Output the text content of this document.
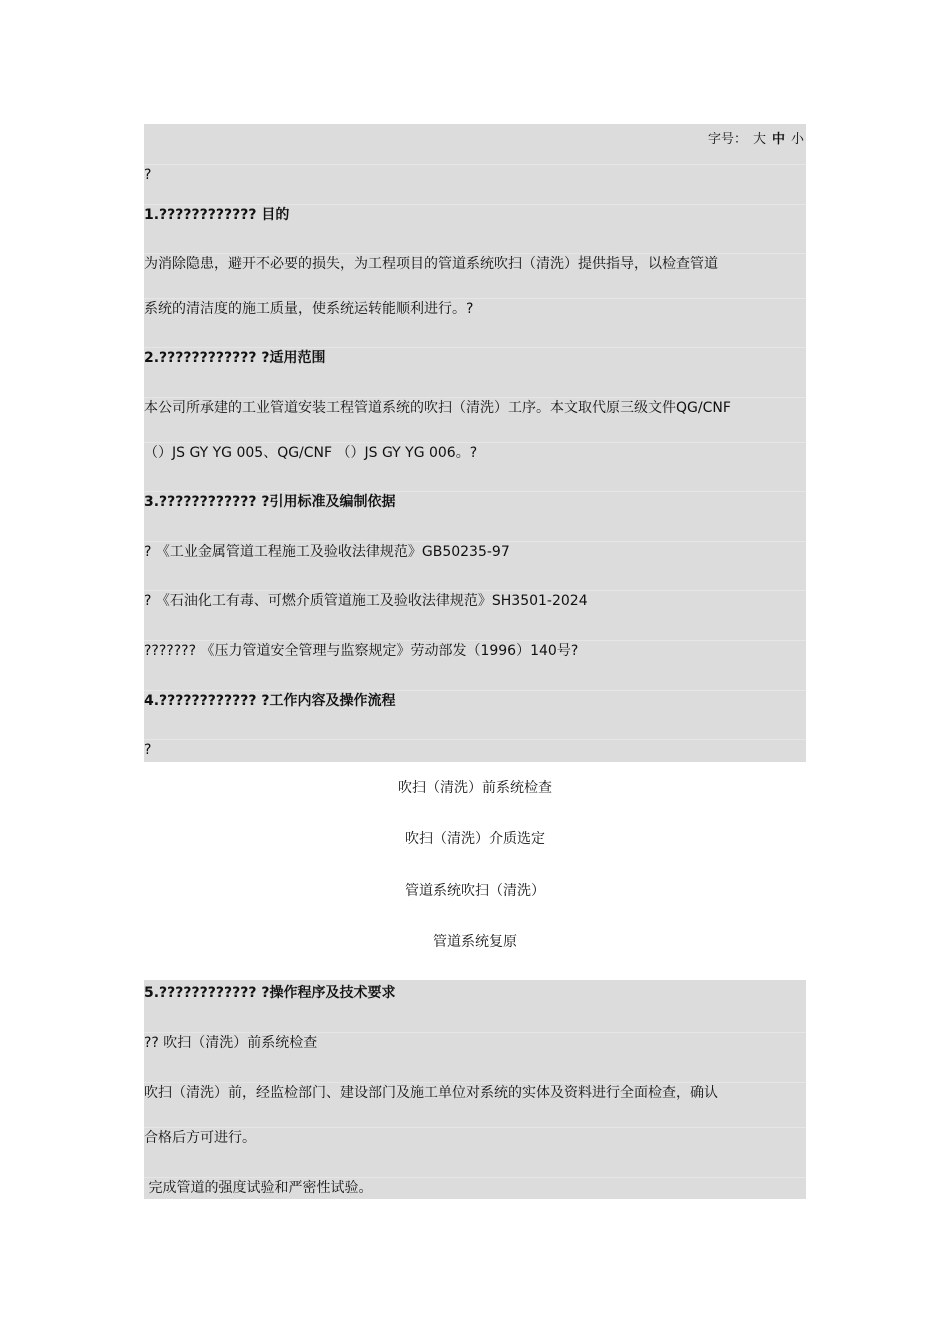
字号： 大 中 小
?
1.???????????? 目的
为消除隐患，避开不必要的损失，为工程项目的管道系统吹扫（清洗）提供指导，以检查管道
系统的清洁度的施工质量，使系统运转能顺利进行。?
2.???????????? ?适用范围
本公司所承建的工业管道安装工程管道系统的吹扫（清洗）工序。本文取代原三级文件QG/CNF
（）JS GY YG 005、QG/CNF （）JS GY YG 006。?
3.???????????? ?引用标准及编制依据
? 《工业金属管道工程施工及验收法律规范》GB50235-97
? 《石油化工有毒、可燃介质管道施工及验收法律规范》SH3501-2024
??????? 《压力管道安全管理与监察规定》劳动部发（1996）140号?
4.???????????? ?工作内容及操作流程
?
吹扫（清洗）前系统检查
吹扫（清洗）介质选定
管道系统吹扫（清洗）
管道系统复原
5.???????????? ?操作程序及技术要求
?? 吹扫（清洗）前系统检查
吹扫（清洗）前，经监检部门、建设部门及施工单位对系统的实体及资料进行全面检查，确认
合格后方可进行。
完成管道的强度试验和严密性试验。
